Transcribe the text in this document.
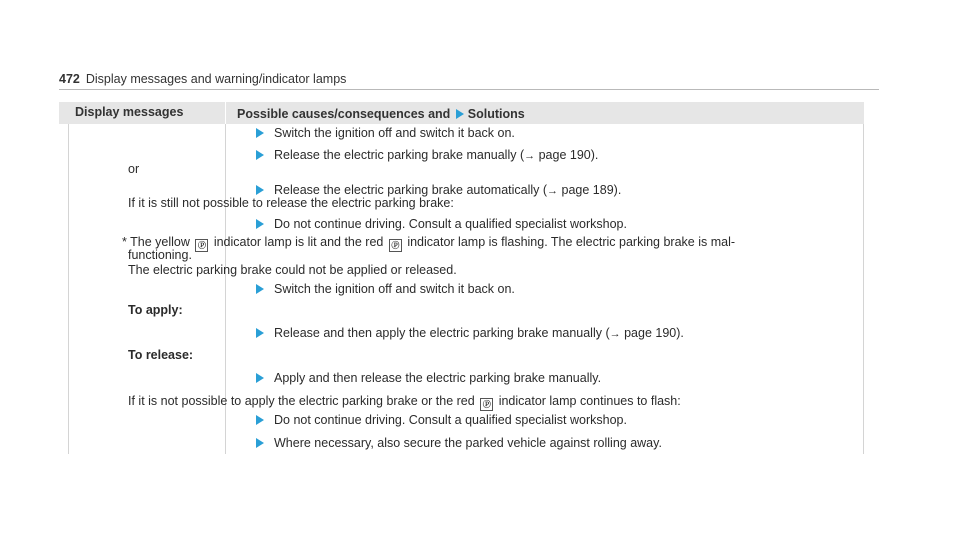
472 Display messages and warning/indicator lamps
Display messages	Possible causes/consequences and Solutions
Switch the ignition off and switch it back on.
Release the electric parking brake manually (→ page 190).
or
Release the electric parking brake automatically (→ page 189).
If it is still not possible to release the electric parking brake:
Do not continue driving. Consult a qualified specialist workshop.
* The yellow Ⓟ indicator lamp is lit and the red Ⓟ indicator lamp is flashing. The electric parking brake is mal-
functioning.
The electric parking brake could not be applied or released.
Switch the ignition off and switch it back on.
To apply:
Release and then apply the electric parking brake manually (→ page 190).
To release:
Apply and then release the electric parking brake manually.
If it is not possible to apply the electric parking brake or the red Ⓟ indicator lamp continues to flash:
Do not continue driving. Consult a qualified specialist workshop.
Where necessary, also secure the parked vehicle against rolling away.
